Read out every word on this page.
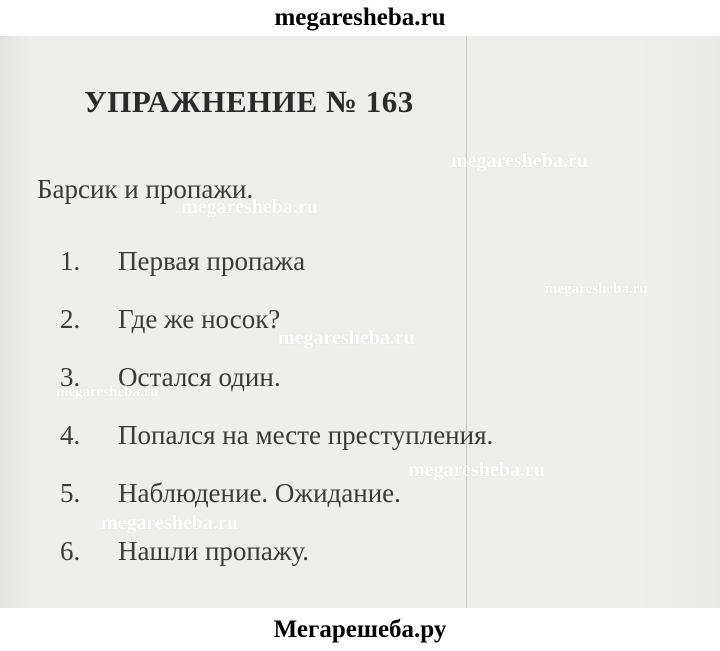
megaresheba.ru
УПРАЖНЕНИЕ № 163
Барсик и пропажи.
1.	Первая пропажа
2.	Где же носок?
3.	Остался один.
4.	Попался на месте преступления.
5.	Наблюдение. Ожидание.
6.	Нашли пропажу.
megaresheba.ru
megaresheba.ru
megaresheba.ru
megaresheba.ru
megaresheba.ru
megaresheba.ru
megaresheba.ru
Мегарешеба.ру
